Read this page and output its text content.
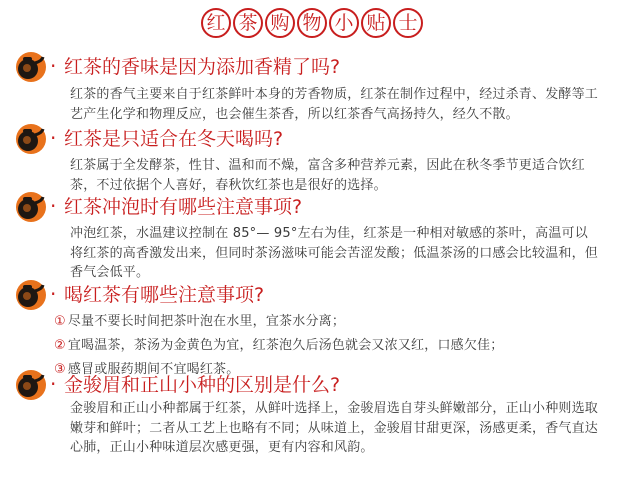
红 茶 购 物 小 贴 士
· 红茶的香味是因为添加香精了吗?
红茶的香气主要来自于红茶鲜叶本身的芳香物质，红茶在制作过程中，经过杀青、发酵等工艺产生化学和物理反应，也会催生茶香，所以红茶香气高扬持久，经久不散。
· 红茶是只适合在冬天喝吗?
红茶属于全发酵茶，性甘、温和而不燥，富含多种营养元素，因此在秋冬季节更适合饮红茶，不过依据个人喜好，春秋饮红茶也是很好的选择。
· 红茶冲泡时有哪些注意事项?
冲泡红茶，水温建议控制在 85°— 95°左右为佳，红茶是一种相对敏感的茶叶，高温可以将红茶的高香激发出来，但同时茶汤滋味可能会苦涩发酸；低温茶汤的口感会比较温和，但香气会低平。
· 喝红茶有哪些注意事项?
① 尽量不要长时间把茶叶泡在水里，宜茶水分离；
② 宜喝温茶，茶汤为金黄色为宜，红茶泡久后汤色就会又浓又红，口感欠佳；
③ 感冒或服药期间不宜喝红茶。
· 金骏眉和正山小种的区别是什么?
金骏眉和正山小种都属于红茶，从鲜叶选择上，金骏眉选自芽头鲜嫩部分，正山小种则选取嫩芽和鲜叶；二者从工艺上也略有不同；从味道上，金骏眉甘甜更深，汤感更柔，香气直达心肺，正山小种味道层次感更强，更有内容和风韵。
